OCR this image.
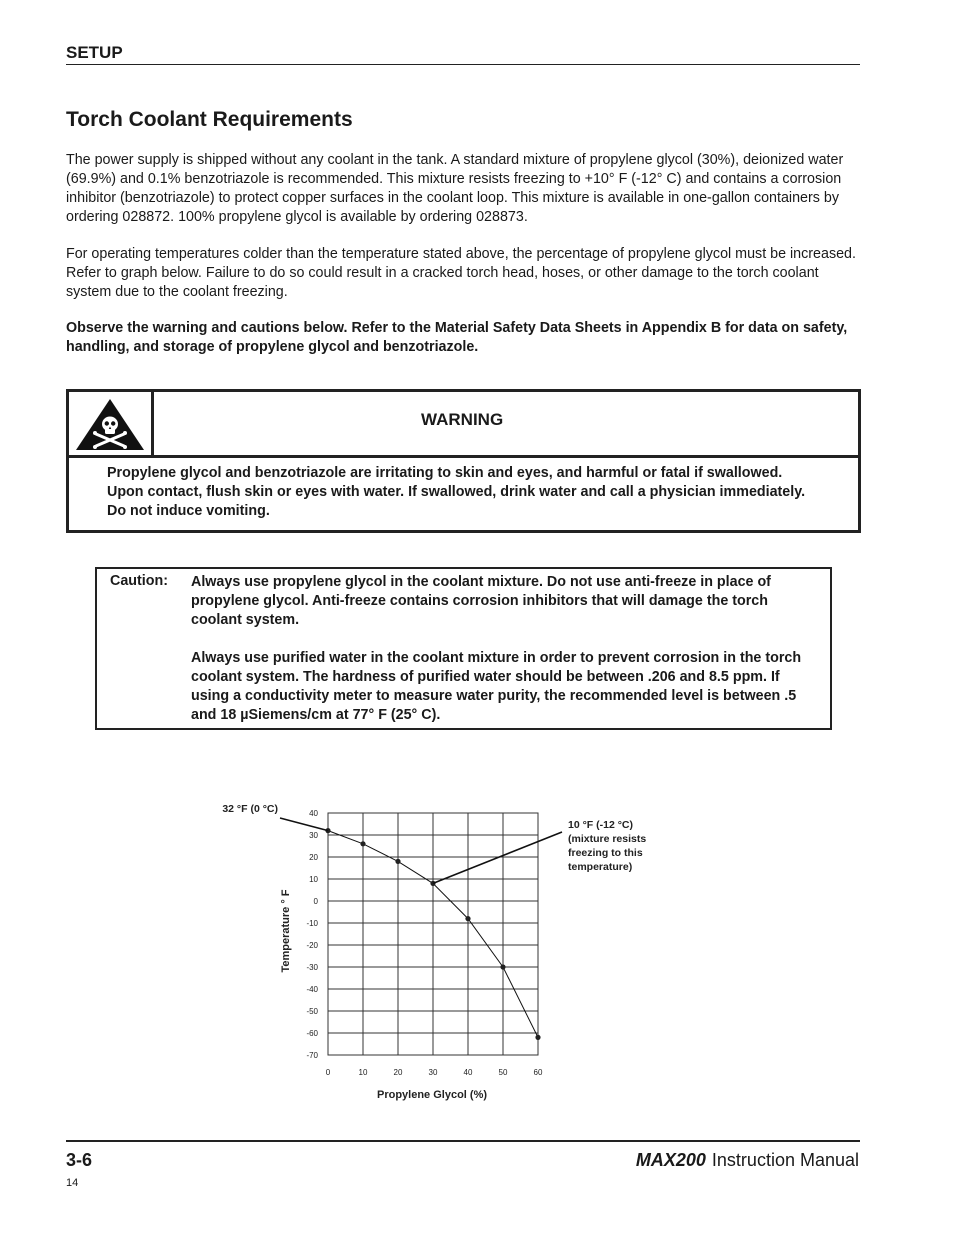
SETUP
Torch Coolant Requirements

The power supply is shipped without any coolant in the tank. A standard mixture of propylene glycol (30%), deionized water (69.9%) and 0.1% benzotriazole is recommended. This mixture resists freezing to +10° F (-12° C) and contains a corrosion inhibitor (benzotriazole) to protect copper surfaces in the coolant loop. This mixture is available in one-gallon containers by ordering 028872. 100% propylene glycol is available by ordering 028873.

For operating temperatures colder than the temperature stated above, the percentage of propylene glycol must be increased. Refer to graph below. Failure to do so could result in a cracked torch head, hoses, or other damage to the torch coolant system due to the coolant freezing.

Observe the warning and cautions below. Refer to the Material Safety Data Sheets in Appendix B for data on safety, handling, and storage of propylene glycol and benzotriazole.

WARNING

Propylene glycol and benzotriazole are irritating to skin and eyes, and harmful or fatal if swallowed. Upon contact, flush skin or eyes with water. If swallowed, drink water and call a physician immediately. Do not induce vomiting.

Caution: Always use propylene glycol in the coolant mixture. Do not use anti-freeze in place of propylene glycol. Anti-freeze contains corrosion inhibitors that will damage the torch coolant system.

Always use purified water in the coolant mixture in order to prevent corrosion in the torch coolant system. The hardness of purified water should be between .206 and 8.5 ppm. If using a conductivity meter to measure water purity, the recommended level is between .5 and 18 µSiemens/cm at 77° F (25° C).

40
30
20
10
0
-10
-20
-30
-40
-50
-60
-70
0	10	20	30	40	50	60
Propylene Glycol (%)
Temperature ° F
32 °F (0 °C)
10 °F (-12 °C) (mixture resists freezing to this temperature)
3-6	MAX200 Instruction Manual
14
